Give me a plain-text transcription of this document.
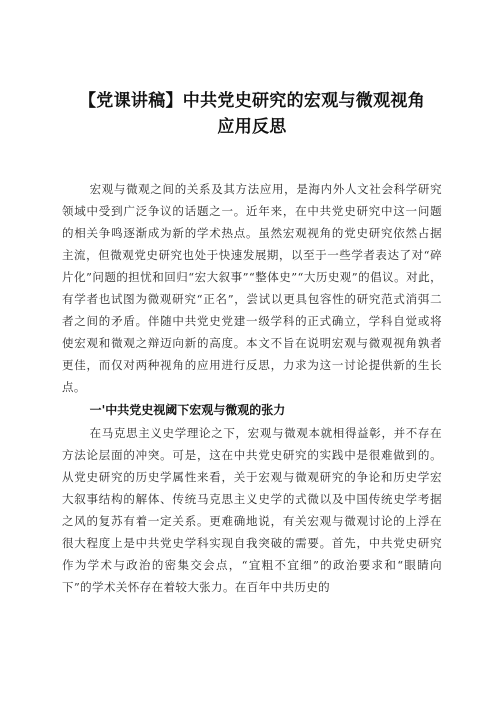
【党课讲稿】中共党史研究的宏观与微观视角
应用反思

宏观与微观之间的关系及其方法应用，是海内外人文社会科学研究领域中受到广泛争议的话题之一。近年来，在中共党史研究中这一问题的相关争鸣逐渐成为新的学术热点。虽然宏观视角的党史研究依然占据主流，但微观党史研究也处于快速发展期，以至于一些学者表达了对“碎片化”问题的担忧和回归“宏大叙事”“整体史”“大历史观”的倡议。对此，有学者也试图为微观研究“正名”，尝试以更具包容性的研究范式消弭二者之间的矛盾。伴随中共党史党建一级学科的正式确立，学科自觉或将使宏观和微观之辩迈向新的高度。本文不旨在说明宏观与微观视角孰者更佳，而仅对两种视角的应用进行反思，力求为这一讨论提供新的生长点。

一'中共党史视阈下宏观与微观的张力

在马克思主义史学理论之下，宏观与微观本就相得益彰，并不存在方法论层面的冲突。可是，这在中共党史研究的实践中是很难做到的。从党史研究的历史学属性来看，关于宏观与微观研究的争论和历史学宏大叙事结构的解体、传统马克思主义史学的式微以及中国传统史学考据之风的复苏有着一定关系。更难确地说，有关宏观与微观讨论的上浮在很大程度上是中共党史学科实现自我突破的需要。首先，中共党史研究作为学术与政治的密集交会点，“宜粗不宜细”的政治要求和“眼睛向下”的学术关怀存在着较大张力。在百年中共历史的
